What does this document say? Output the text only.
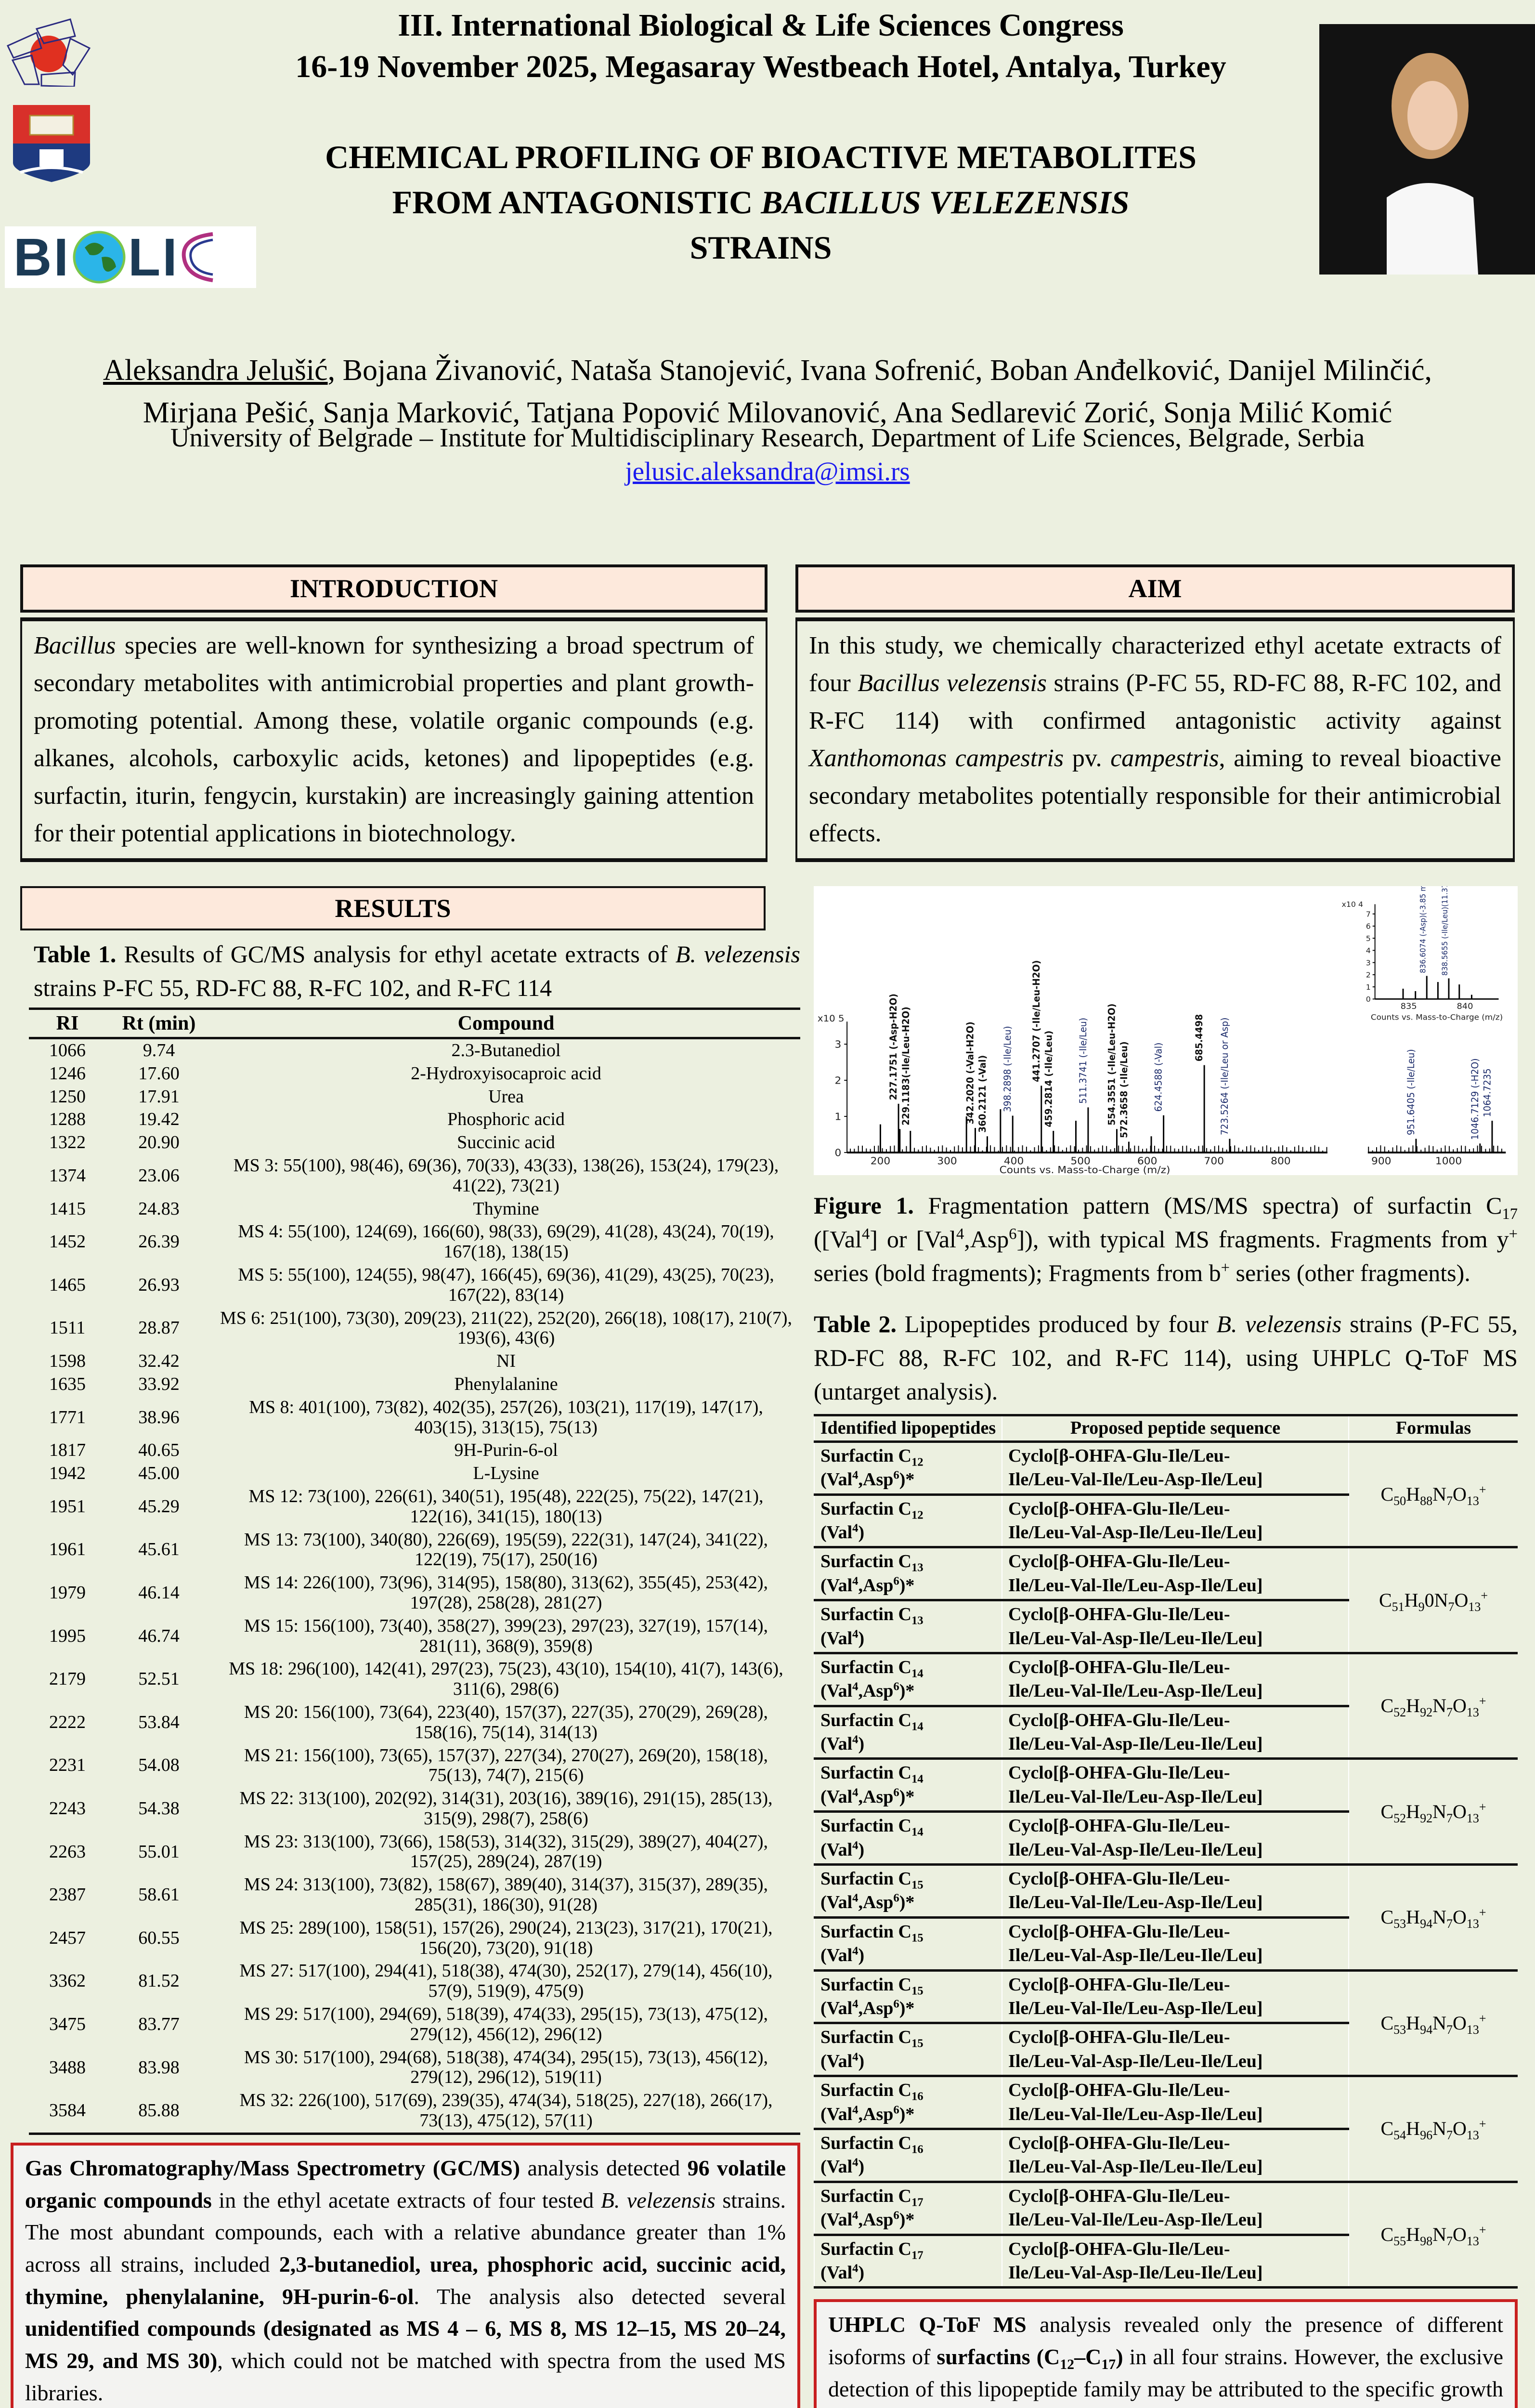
BI LI
III. International Biological & Life Sciences Congress
16-19 November 2025, Megasaray Westbeach Hotel, Antalya, Turkey
CHEMICAL PROFILING OF BIOACTIVE METABOLITES
FROM ANTAGONISTIC BACILLUS VELEZENSIS
STRAINS
Aleksandra Jelušić, Bojana Živanović, Nataša Stanojević, Ivana Sofrenić, Boban Anđelković, Danijel Milinčić,
Mirjana Pešić, Sanja Marković, Tatjana Popović Milovanović, Ana Sedlarević Zorić, Sonja Milić Komić
University of Belgrade – Institute for Multidisciplinary Research, Department of Life Sciences, Belgrade, Serbia
jelusic.aleksandra@imsi.rs
INTRODUCTION
Bacillus species are well-known for synthesizing a broad spectrum of secondary metabolites with antimicrobial properties and plant growth-promoting potential. Among these, volatile organic compounds (e.g. alkanes, alcohols, carboxylic acids, ketones) and lipopeptides (e.g. surfactin, iturin, fengycin, kurstakin) are increasingly gaining attention for their potential applications in biotechnology.
AIM
In this study, we chemically characterized ethyl acetate extracts of four Bacillus velezensis strains (P-FC 55, RD-FC 88, R-FC 102, and R-FC 114) with confirmed antagonistic activity against Xanthomonas campestris pv. campestris, aiming to reveal bioactive secondary metabolites potentially responsible for their antimicrobial effects.
RESULTS
Table 1. Results of GC/MS analysis for ethyl acetate extracts of B. velezensis strains P-FC 55, RD-FC 88, R-FC 102, and R-FC 114
RI	Rt (min)	Compound
1066	9.74	2.3-Butanediol
1246	17.60	2-Hydroxyisocaproic acid
1250	17.91	Urea
1288	19.42	Phosphoric acid
1322	20.90	Succinic acid
1374	23.06	MS 3: 55(100), 98(46), 69(36), 70(33), 43(33), 138(26), 153(24), 179(23), 41(22), 73(21)
1415	24.83	Thymine
1452	26.39	MS 4: 55(100), 124(69), 166(60), 98(33), 69(29), 41(28), 43(24), 70(19), 167(18), 138(15)
1465	26.93	MS 5: 55(100), 124(55), 98(47), 166(45), 69(36), 41(29), 43(25), 70(23), 167(22), 83(14)
1511	28.87	MS 6: 251(100), 73(30), 209(23), 211(22), 252(20), 266(18), 108(17), 210(7), 193(6), 43(6)
1598	32.42	NI
1635	33.92	Phenylalanine
1771	38.96	MS 8: 401(100), 73(82), 402(35), 257(26), 103(21), 117(19), 147(17), 403(15), 313(15), 75(13)
1817	40.65	9H-Purin-6-ol
1942	45.00	L-Lysine
1951	45.29	MS 12: 73(100), 226(61), 340(51), 195(48), 222(25), 75(22), 147(21), 122(16), 341(15), 180(13)
1961	45.61	MS 13: 73(100), 340(80), 226(69), 195(59), 222(31), 147(24), 341(22), 122(19), 75(17), 250(16)
1979	46.14	MS 14: 226(100), 73(96), 314(95), 158(80), 313(62), 355(45), 253(42), 197(28), 258(28), 281(27)
1995	46.74	MS 15: 156(100), 73(40), 358(27), 399(23), 297(23), 327(19), 157(14), 281(11), 368(9), 359(8)
2179	52.51	MS 18: 296(100), 142(41), 297(23), 75(23), 43(10), 154(10), 41(7), 143(6), 311(6), 298(6)
2222	53.84	MS 20: 156(100), 73(64), 223(40), 157(37), 227(35), 270(29), 269(28), 158(16), 75(14), 314(13)
2231	54.08	MS 21: 156(100), 73(65), 157(37), 227(34), 270(27), 269(20), 158(18), 75(13), 74(7), 215(6)
2243	54.38	MS 22: 313(100), 202(92), 314(31), 203(16), 389(16), 291(15), 285(13), 315(9), 298(7), 258(6)
2263	55.01	MS 23: 313(100), 73(66), 158(53), 314(32), 315(29), 389(27), 404(27), 157(25), 289(24), 287(19)
2387	58.61	MS 24: 313(100), 73(82), 158(67), 389(40), 314(37), 315(37), 289(35), 285(31), 186(30), 91(28)
2457	60.55	MS 25: 289(100), 158(51), 157(26), 290(24), 213(23), 317(21), 170(21), 156(20), 73(20), 91(18)
3362	81.52	MS 27: 517(100), 294(41), 518(38), 474(30), 252(17), 279(14), 456(10), 57(9), 519(9), 475(9)
3475	83.77	MS 29: 517(100), 294(69), 518(39), 474(33), 295(15), 73(13), 475(12), 279(12), 456(12), 296(12)
3488	83.98	MS 30: 517(100), 294(68), 518(38), 474(34), 295(15), 73(13), 456(12), 279(12), 296(12), 519(11)
3584	85.88	MS 32: 226(100), 517(69), 239(35), 474(34), 518(25), 227(18), 266(17), 73(13), 475(12), 57(11)
Gas Chromatography/Mass Spectrometry (GC/MS) analysis detected 96 volatile organic compounds in the ethyl acetate extracts of four tested B. velezensis strains. The most abundant compounds, each with a relative abundance greater than 1% across all strains, included 2,3-butanediol, urea, phosphoric acid, succinic acid, thymine, phenylalanine, 9H-purin-6-ol. The analysis also detected several unidentified compounds (designated as MS 4 – 6, MS 8, MS 12–15, MS 20–24, MS 29, and MS 30), which could not be matched with spectra from the used MS libraries.
0
1
2
3
x10 5
200	300	400	500	600	700	800	900	1000
Counts vs. Mass-to-Charge (m/z)
227.1751 (-Asp-H2O) 229.1183(-Ile/Leu-H2O)	342.2020 (-Val-H2O) 360.2121 (-Val) 398.2898 (-Ile/Leu) 441.2707 (-Ile/Leu-H2O) 459.2814 (-Ile/Leu) 511.3741 (-Ile/Leu) 554.3551 (-Ile/Leu-H2O) 572.3658 (-Ile/Leu) 624.4588 (-Val)
685.4498 723.5264 (-Ile/Leu or Asp)	951.6405 (-Ile/Leu)	1046.7129 (-H2O) 1064.7235
0
1
2
3
4
5
6
7
x10 4
835	840
Counts vs. Mass-to-Charge (m/z)
836.6074 (-Asp)(-3.85 mDa)* 838.5655 (-Ile/Leu)(11.37mDa)
Figure 1. Fragmentation pattern (MS/MS spectra) of surfactin $C_{17}$ ([Val$^4$] or [Val$^4$,Asp$^6$]), with typical MS fragments. Fragments from y+ series (bold fragments); Fragments from b+ series (other fragments).
Table 2. Lipopeptides produced by four B. velezensis strains (P-FC 55, RD-FC 88, R-FC 102, and R-FC 114), using UHPLC Q-ToF MS (untarget analysis).
Identified lipopeptides	Proposed peptide sequence	Formulas
Surfactin $C_{12}$
(Val$^4$,Asp$^6$)*	Cyclo[β-OHFA-Glu-Ile/Leu-
Ile/Leu-Val-Ile/Leu-Asp-Ile/Leu]	$C_{50}H_{88}N_7O_{13}^+$
Surfactin $C_{12}$
(Val$^4$)	Cyclo[β-OHFA-Glu-Ile/Leu-
Ile/Leu-Val-Asp-Ile/Leu-Ile/Leu]	
Surfactin $C_{13}$
(Val$^4$,Asp$^6$)*	Cyclo[β-OHFA-Glu-Ile/Leu-
Ile/Leu-Val-Ile/Leu-Asp-Ile/Leu]	$C_{51}H_90N_7O_{13}^+$
Surfactin $C_{13}$
(Val$^4$)	Cyclo[β-OHFA-Glu-Ile/Leu-
Ile/Leu-Val-Asp-Ile/Leu-Ile/Leu]	
Surfactin $C_{14}$
(Val$^4$,Asp$^6$)*	Cyclo[β-OHFA-Glu-Ile/Leu-
Ile/Leu-Val-Ile/Leu-Asp-Ile/Leu]	$C_{52}H_{92}N_7O_{13}^+$
Surfactin $C_{14}$
(Val$^4$)	Cyclo[β-OHFA-Glu-Ile/Leu-
Ile/Leu-Val-Asp-Ile/Leu-Ile/Leu]	
Surfactin $C_{14}$
(Val$^4$,Asp$^6$)*	Cyclo[β-OHFA-Glu-Ile/Leu-
Ile/Leu-Val-Ile/Leu-Asp-Ile/Leu]	$C_{52}H_{92}N_7O_{13}^+$
Surfactin $C_{14}$
(Val$^4$)	Cyclo[β-OHFA-Glu-Ile/Leu-
Ile/Leu-Val-Asp-Ile/Leu-Ile/Leu]	
Surfactin $C_{15}$
(Val$^4$,Asp$^6$)*	Cyclo[β-OHFA-Glu-Ile/Leu-
Ile/Leu-Val-Ile/Leu-Asp-Ile/Leu]	$C_{53}H_{94}N_7O_{13}^+$
Surfactin $C_{15}$
(Val$^4$)	Cyclo[β-OHFA-Glu-Ile/Leu-
Ile/Leu-Val-Asp-Ile/Leu-Ile/Leu]	
Surfactin $C_{15}$
(Val$^4$,Asp$^6$)*	Cyclo[β-OHFA-Glu-Ile/Leu-
Ile/Leu-Val-Ile/Leu-Asp-Ile/Leu]	$C_{53}H_{94}N_7O_{13}^+$
Surfactin $C_{15}$
(Val$^4$)	Cyclo[β-OHFA-Glu-Ile/Leu-
Ile/Leu-Val-Asp-Ile/Leu-Ile/Leu]	
Surfactin $C_{16}$
(Val$^4$,Asp$^6$)*	Cyclo[β-OHFA-Glu-Ile/Leu-
Ile/Leu-Val-Ile/Leu-Asp-Ile/Leu]	$C_{54}H_{96}N_7O_{13}^+$
Surfactin $C_{16}$
(Val$^4$)	Cyclo[β-OHFA-Glu-Ile/Leu-
Ile/Leu-Val-Asp-Ile/Leu-Ile/Leu]	
Surfactin $C_{17}$
(Val$^4$,Asp$^6$)*	Cyclo[β-OHFA-Glu-Ile/Leu-
Ile/Leu-Val-Ile/Leu-Asp-Ile/Leu]	$C_{55}H_{98}N_7O_{13}^+$
Surfactin $C_{17}$
(Val$^4$)	Cyclo[β-OHFA-Glu-Ile/Leu-
Ile/Leu-Val-Asp-Ile/Leu-Ile/Leu]	
UHPLC Q-ToF MS analysis revealed only the presence of different isoforms of surfactins $(C_{12}-C_{17})$ in all four strains. However, the exclusive detection of this lipopeptide family may be attributed to the specific growth
